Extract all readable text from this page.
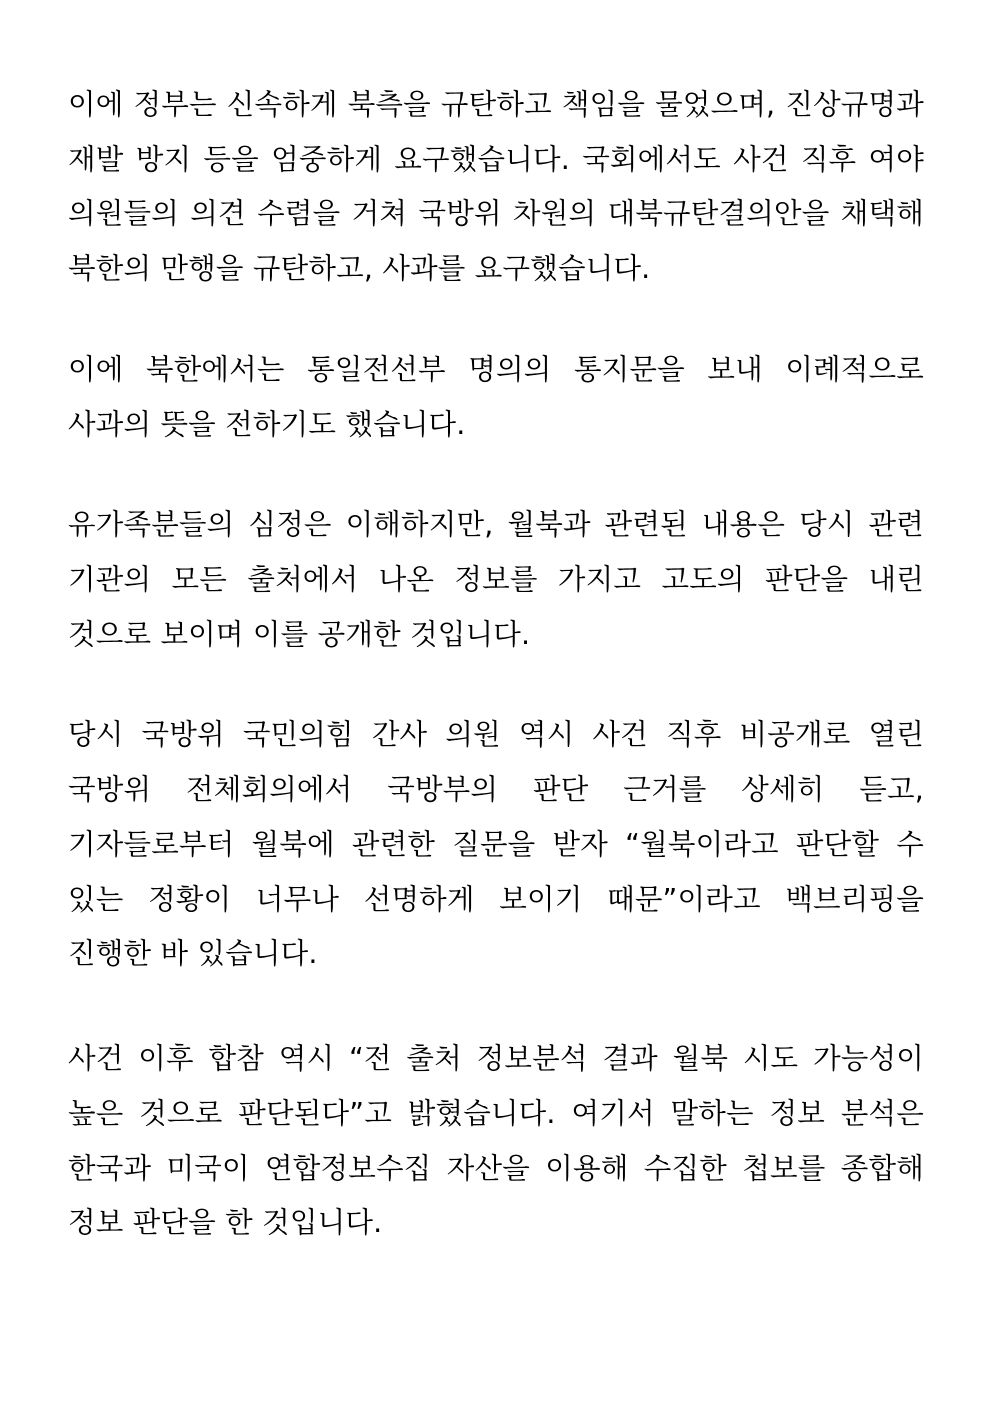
이에 정부는 신속하게 북측을 규탄하고 책임을 물었으며, 진상규명과 재발 방지 등을 엄중하게 요구했습니다. 국회에서도 사건 직후 여야 의원들의 의견 수렴을 거쳐 국방위 차원의 대북규탄결의안을 채택해 북한의 만행을 규탄하고, 사과를 요구했습니다.

이에 북한에서는 통일전선부 명의의 통지문을 보내 이례적으로 사과의 뜻을 전하기도 했습니다.

유가족분들의 심정은 이해하지만, 월북과 관련된 내용은 당시 관련 기관의 모든 출처에서 나온 정보를 가지고 고도의 판단을 내린 것으로 보이며 이를 공개한 것입니다.

당시 국방위 국민의힘 간사 의원 역시 사건 직후 비공개로 열린 국방위 전체회의에서 국방부의 판단 근거를 상세히 듣고, 기자들로부터 월북에 관련한 질문을 받자 “월북이라고 판단할 수 있는 정황이 너무나 선명하게 보이기 때문”이라고 백브리핑을 진행한 바 있습니다.

사건 이후 합참 역시 “전 출처 정보분석 결과 월북 시도 가능성이 높은 것으로 판단된다”고 밝혔습니다. 여기서 말하는 정보 분석은 한국과 미국이 연합정보수집 자산을 이용해 수집한 첩보를 종합해 정보 판단을 한 것입니다.
